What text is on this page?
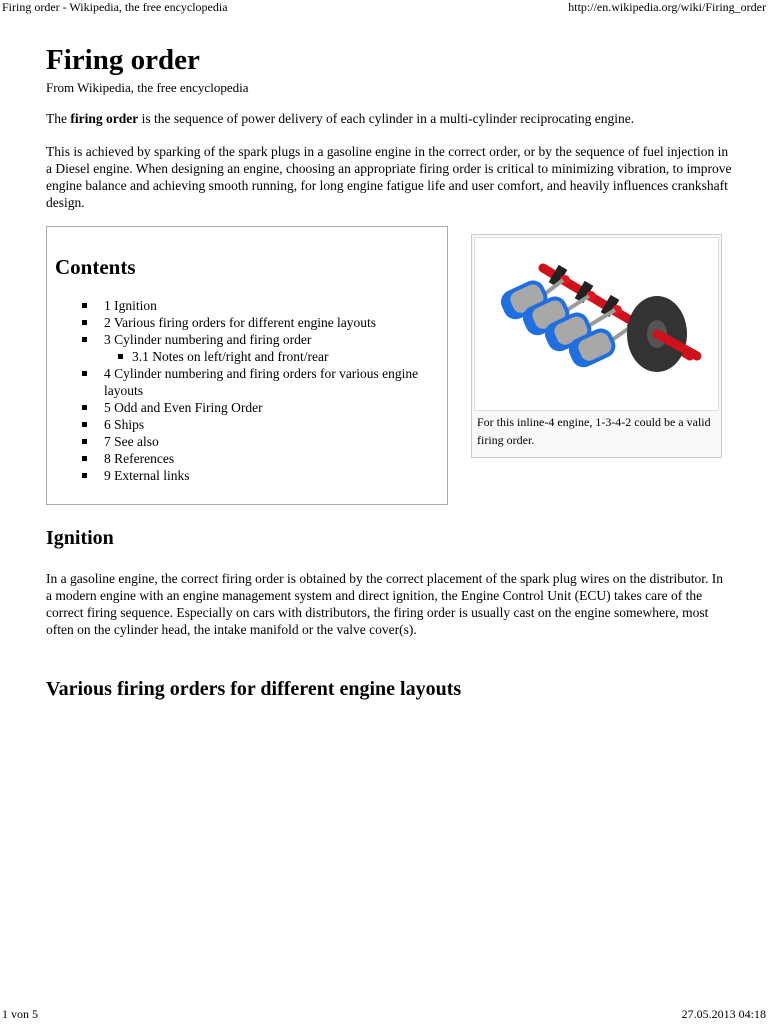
Firing order - Wikipedia, the free encyclopedia	http://en.wikipedia.org/wiki/Firing_order
Firing order
From Wikipedia, the free encyclopedia

The firing order is the sequence of power delivery of each cylinder in a multi-cylinder reciprocating engine.

This is achieved by sparking of the spark plugs in a gasoline engine in the correct order, or by the sequence of fuel injection in a Diesel engine. When designing an engine, choosing an appropriate firing order is critical to minimizing vibration, to improve engine balance and achieving smooth running, for long engine fatigue life and user comfort, and heavily influences crankshaft design.

Contents
1 Ignition
2 Various firing orders for different engine layouts
3 Cylinder numbering and firing order
3.1 Notes on left/right and front/rear
4 Cylinder numbering and firing orders for various engine layouts
5 Odd and Even Firing Order
6 Ships
7 See also
8 References
9 External links

For this inline-4 engine, 1-3-4-2 could be a valid firing order.

Ignition

In a gasoline engine, the correct firing order is obtained by the correct placement of the spark plug wires on the distributor. In a modern engine with an engine management system and direct ignition, the Engine Control Unit (ECU) takes care of the correct firing sequence. Especially on cars with distributors, the firing order is usually cast on the engine somewhere, most often on the cylinder head, the intake manifold or the valve cover(s).

Various firing orders for different engine layouts
1 von 5	27.05.2013 04:18
